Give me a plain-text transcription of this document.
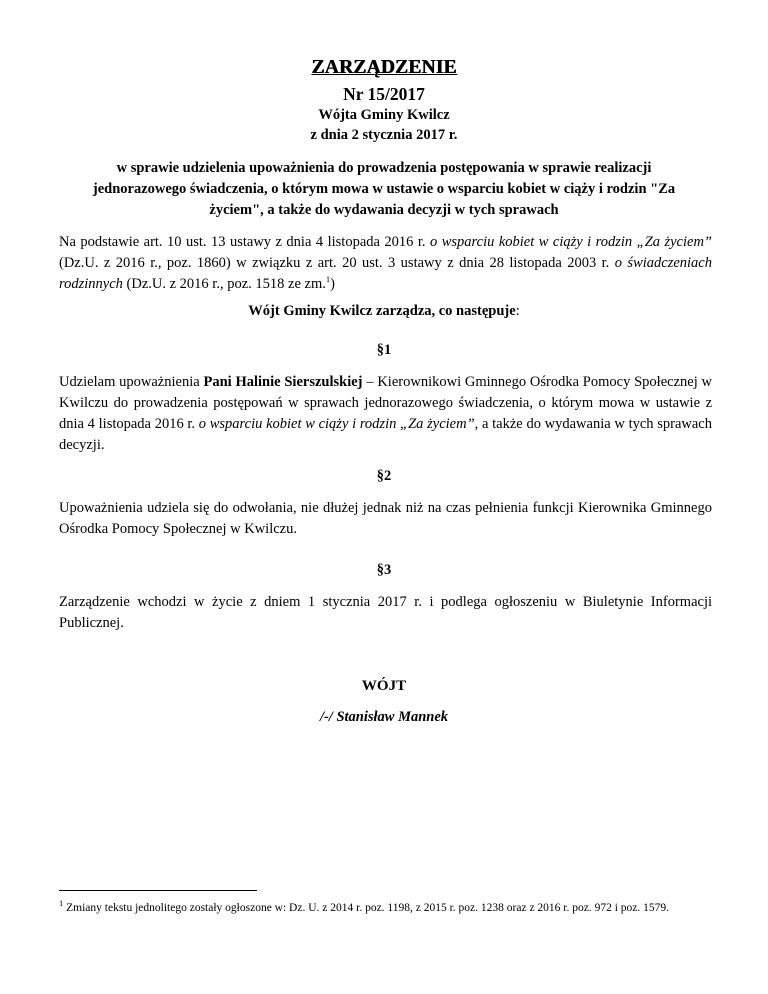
ZARZĄDZENIE
Nr 15/2017
Wójta Gminy Kwilcz
z dnia 2 stycznia 2017 r.
w sprawie udzielenia upoważnienia do prowadzenia postępowania w sprawie realizacji jednorazowego świadczenia, o którym mowa w ustawie o wsparciu kobiet w ciąży i rodzin "Za życiem", a także do wydawania decyzji w tych sprawach
Na podstawie art. 10 ust. 13 ustawy z dnia 4 listopada 2016 r. o wsparciu kobiet w ciąży i rodzin „Za życiem” (Dz.U. z 2016 r., poz. 1860) w związku z art. 20 ust. 3 ustawy z dnia 28 listopada 2003 r. o świadczeniach rodzinnych (Dz.U. z 2016 r., poz. 1518 ze zm.$^1$)
Wójt Gminy Kwilcz zarządza, co następuje:
§1
Udzielam upoważnienia Pani Halinie Sierszulskiej – Kierownikowi Gminnego Ośrodka Pomocy Społecznej w Kwilczu do prowadzenia postępowań w sprawach jednorazowego świadczenia, o którym mowa w ustawie z dnia 4 listopada 2016 r. o wsparciu kobiet w ciąży i rodzin „Za życiem”, a także do wydawania w tych sprawach decyzji.
§2
Upoważnienia udziela się do odwołania, nie dłużej jednak niż na czas pełnienia funkcji Kierownika Gminnego Ośrodka Pomocy Społecznej w Kwilczu.
§3
Zarządzenie wchodzi w życie z dniem 1 stycznia 2017 r. i podlega ogłoszeniu w Biuletynie Informacji Publicznej.
WÓJT
/-/ Stanisław Mannek
$^1$ Zmiany tekstu jednolitego zostały ogłoszone w: Dz. U. z 2014 r. poz. 1198, z 2015 r. poz. 1238 oraz z 2016 r. poz. 972 i poz. 1579.
